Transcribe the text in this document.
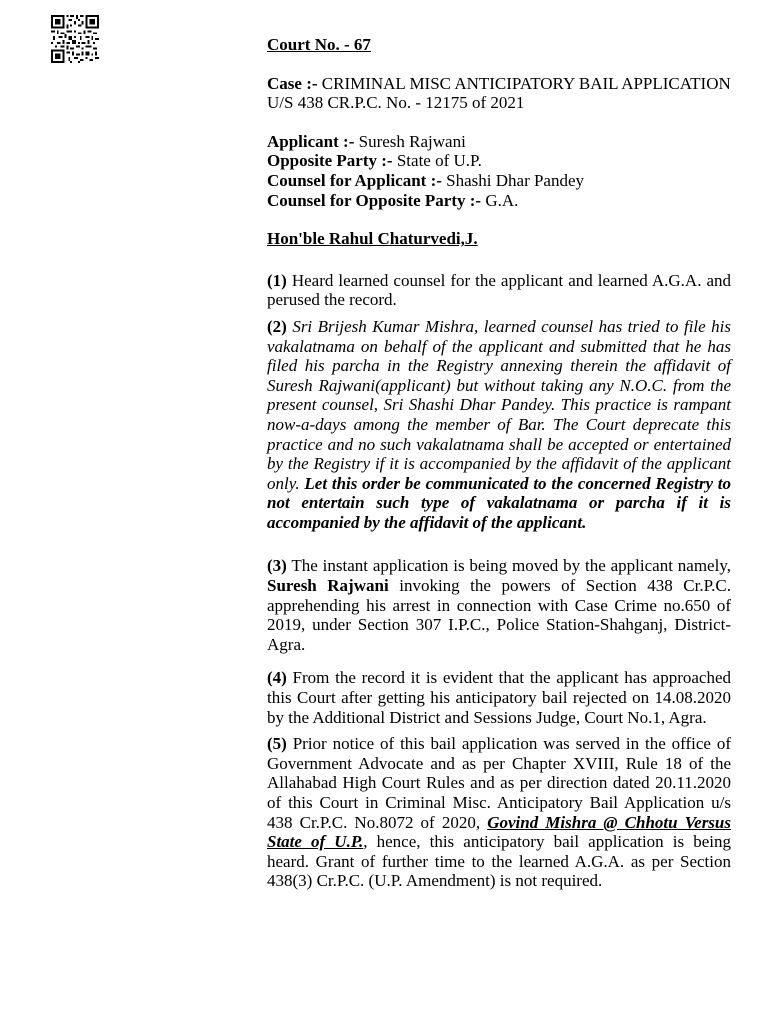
Court No. - 67

Case :- CRIMINAL MISC ANTICIPATORY BAIL APPLICATION U/S 438 CR.P.C. No. - 12175 of 2021

Applicant :- Suresh Rajwani

Opposite Party :- State of U.P.

Counsel for Applicant :- Shashi Dhar Pandey

Counsel for Opposite Party :- G.A.

Hon'ble Rahul Chaturvedi,J.

(1) Heard learned counsel for the applicant and learned A.G.A. and perused the record.

(2) Sri Brijesh Kumar Mishra, learned counsel has tried to file his vakalatnama on behalf of the applicant and submitted that he has filed his parcha in the Registry annexing therein the affidavit of Suresh Rajwani(applicant) but without taking any N.O.C. from the present counsel, Sri Shashi Dhar Pandey. This practice is rampant now-a-days among the member of Bar. The Court deprecate this practice and no such vakalatnama shall be accepted or entertained by the Registry if it is accompanied by the affidavit of the applicant only. Let this order be communicated to the concerned Registry to not entertain such type of vakalatnama or parcha if it is accompanied by the affidavit of the applicant.

(3) The instant application is being moved by the applicant namely, Suresh Rajwani invoking the powers of Section 438 Cr.P.C. apprehending his arrest in connection with Case Crime no.650 of 2019, under Section 307 I.P.C., Police Station-Shahganj, District-Agra.

(4) From the record it is evident that the applicant has approached this Court after getting his anticipatory bail rejected on 14.08.2020 by the Additional District and Sessions Judge, Court No.1, Agra.

(5) Prior notice of this bail application was served in the office of Government Advocate and as per Chapter XVIII, Rule 18 of the Allahabad High Court Rules and as per direction dated 20.11.2020 of this Court in Criminal Misc. Anticipatory Bail Application u/s 438 Cr.P.C. No.8072 of 2020, Govind Mishra @ Chhotu Versus State of U.P., hence, this anticipatory bail application is being heard. Grant of further time to the learned A.G.A. as per Section 438(3) Cr.P.C. (U.P. Amendment) is not required.
